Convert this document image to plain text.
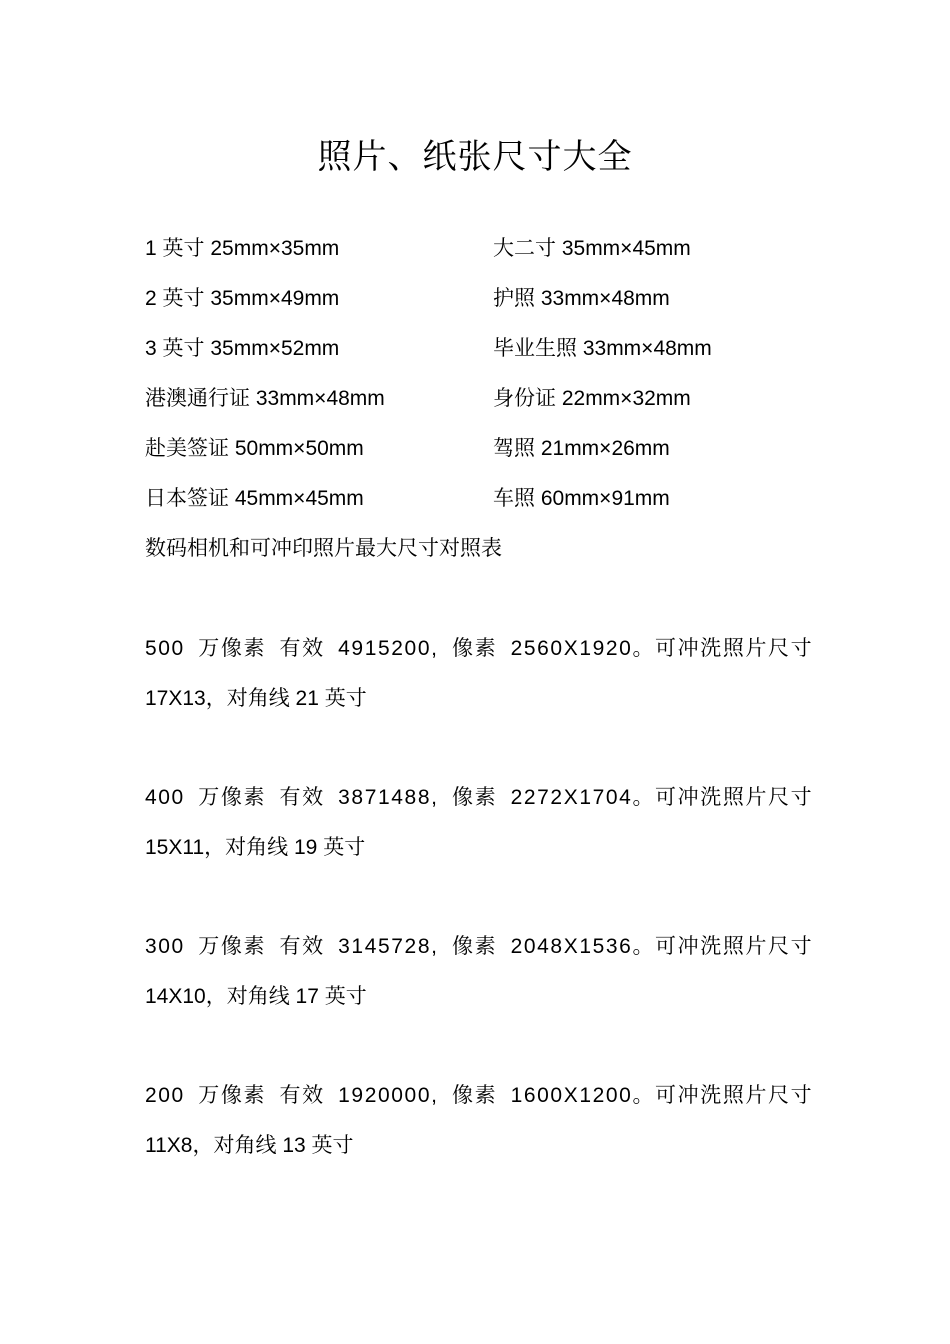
照片、纸张尺寸大全
1 英寸 25mm×35mm	大二寸 35mm×45mm
2 英寸 35mm×49mm	护照 33mm×48mm
3 英寸 35mm×52mm	毕业生照 33mm×48mm
港澳通行证 33mm×48mm	身份证 22mm×32mm
赴美签证 50mm×50mm	驾照 21mm×26mm
日本签证 45mm×45mm	车照 60mm×91mm
数码相机和可冲印照片最大尺寸对照表
500 万像素 有效 4915200, 像素 2560X1920。可冲洗照片尺寸
17X13，对角线 21 英寸
400 万像素 有效 3871488, 像素 2272X1704。可冲洗照片尺寸
15X11，对角线 19 英寸
300 万像素 有效 3145728, 像素 2048X1536。可冲洗照片尺寸
14X10，对角线 17 英寸
200 万像素 有效 1920000, 像素 1600X1200。可冲洗照片尺寸
11X8，对角线 13 英寸
